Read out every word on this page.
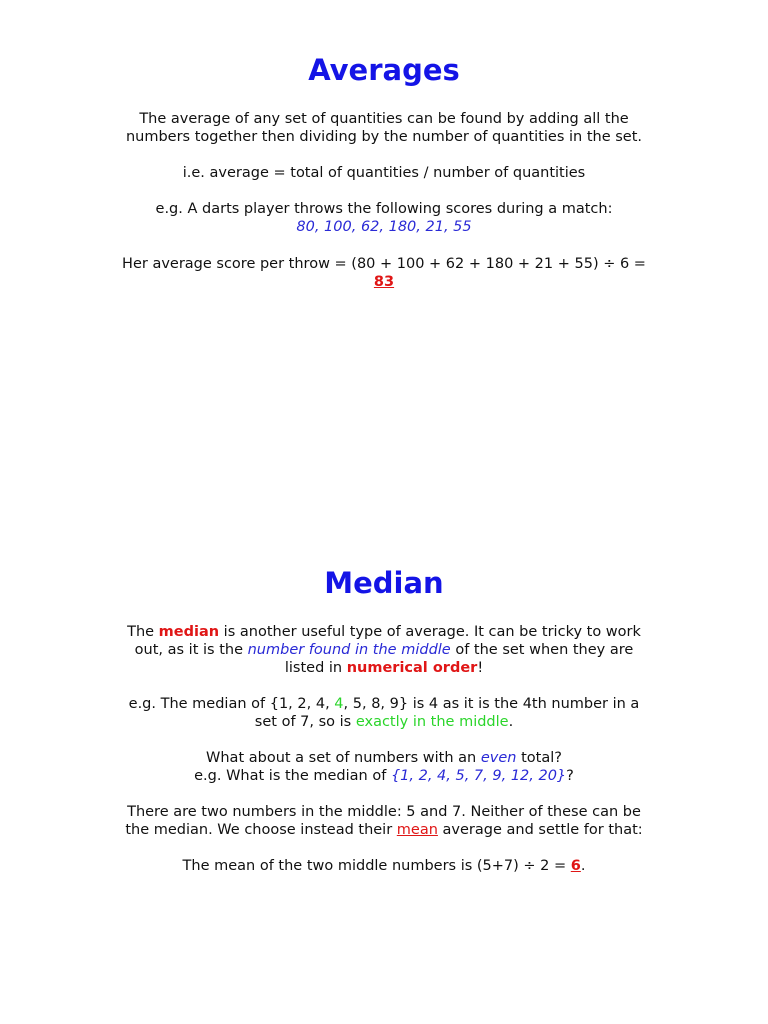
Averages

The average of any set of quantities can be found by adding all the

numbers together then dividing by the number of quantities in the set.

i.e. average = total of quantities / number of quantities

e.g. A darts player throws the following scores during a match:

80, 100, 62, 180, 21, 55

Her average score per throw = (80 + 100 + 62 + 180 + 21 + 55) ÷ 6 =

83

Median

The median is another useful type of average. It can be tricky to work

out, as it is the number found in the middle of the set when they are

listed in numerical order!

e.g. The median of {1, 2, 4, 4, 5, 8, 9} is 4 as it is the 4th number in a

set of 7, so is exactly in the middle.

What about a set of numbers with an even total?

e.g. What is the median of {1, 2, 4, 5, 7, 9, 12, 20}?

There are two numbers in the middle: 5 and 7. Neither of these can be

the median. We choose instead their mean average and settle for that:

The mean of the two middle numbers is (5+7) ÷ 2 = 6.
